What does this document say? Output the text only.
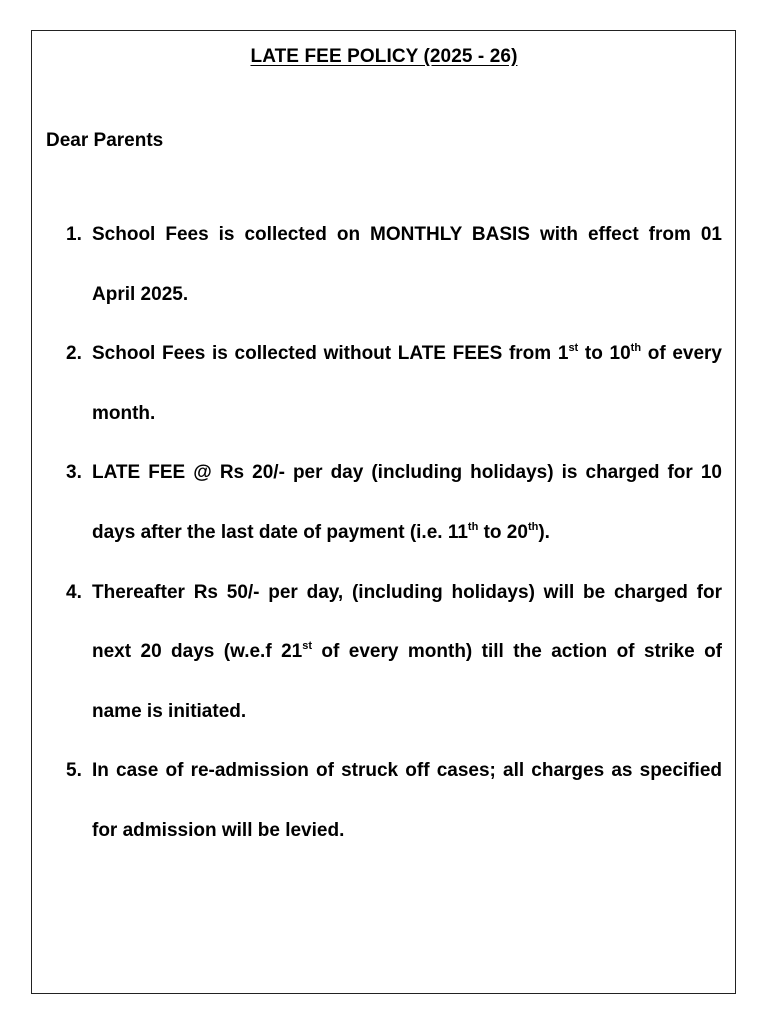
LATE FEE POLICY (2025 - 26)
Dear Parents
1. School Fees is collected on MONTHLY BASIS with effect from 01 April 2025.
2. School Fees is collected without LATE FEES from 1st to 10th of every month.
3. LATE FEE @ Rs 20/- per day (including holidays) is charged for 10 days after the last date of payment (i.e. 11th to 20th).
4. Thereafter Rs 50/- per day, (including holidays) will be charged for next 20 days (w.e.f 21st of every month) till the action of strike of name is initiated.
5. In case of re-admission of struck off cases; all charges as specified for admission will be levied.
